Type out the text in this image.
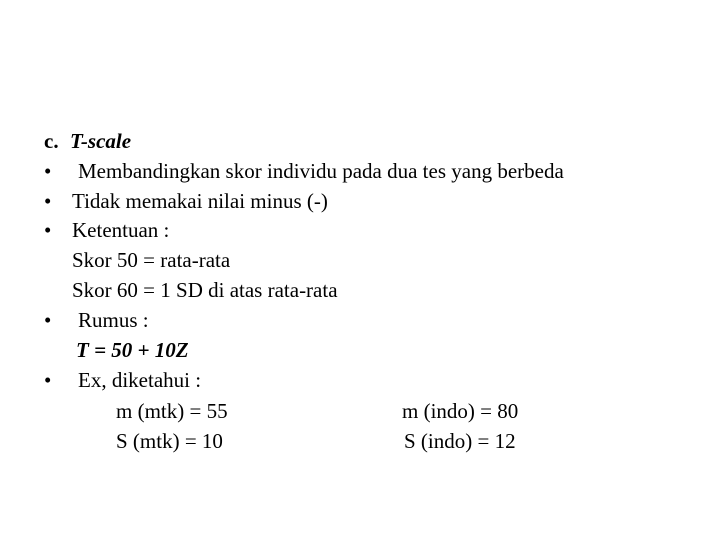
c. T-scale
• Membandingkan skor individu pada dua tes yang berbeda
• Tidak memakai nilai minus (-)
• Ketentuan :
Skor 50 = rata-rata
Skor 60 = 1 SD di atas rata-rata
• Rumus :
T = 50 + 10Z
• Ex, diketahui :
m (mtk) = 55	m (indo) = 80
S (mtk) = 10	S (indo) = 12
